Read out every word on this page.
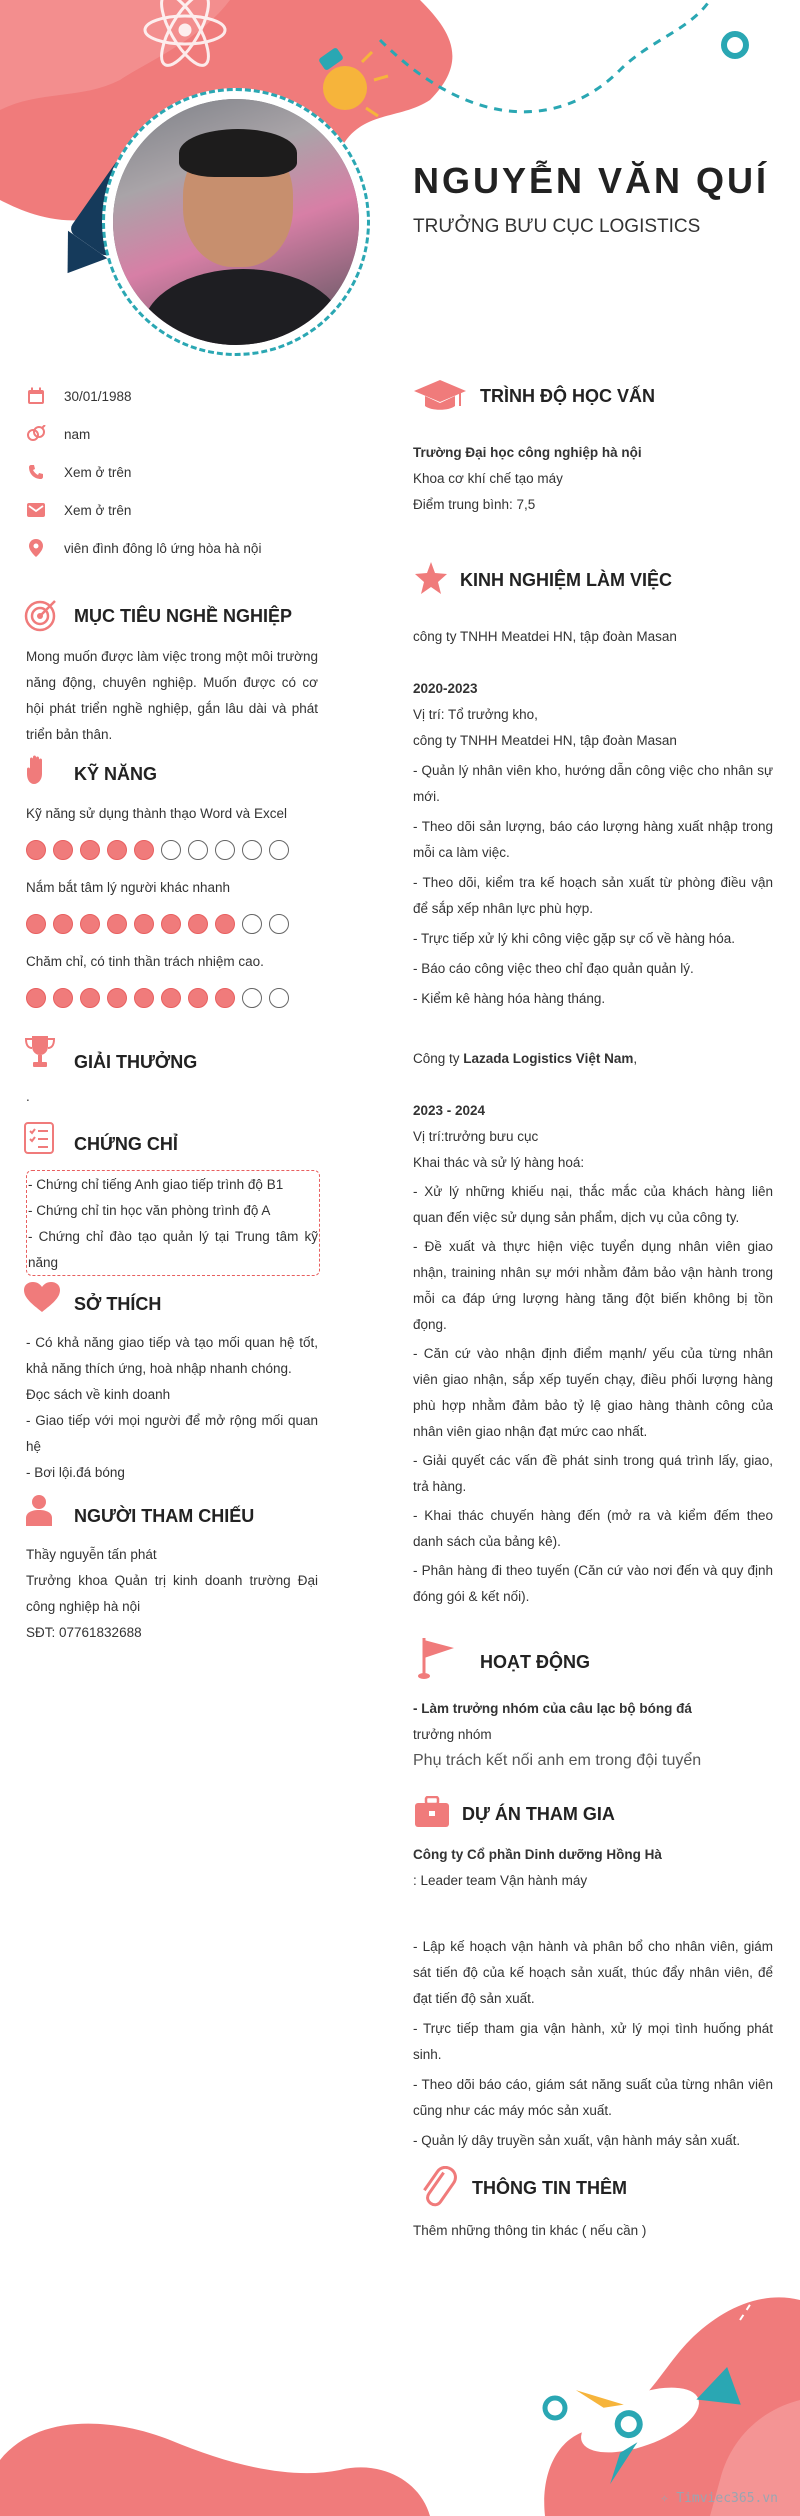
NGUYỄN VĂN QUÍ
TRƯỞNG BƯU CỤC LOGISTICS
30/01/1988
nam
Xem ở trên
Xem ở trên
viên đình đông lô ứng hòa hà nội
MỤC TIÊU NGHỀ NGHIỆP
Mong muốn được làm việc trong một môi trường năng động, chuyên nghiệp. Muốn được có cơ hội phát triển nghề nghiệp, gắn lâu dài và phát triển bản thân.
KỸ NĂNG
Kỹ năng sử dụng thành thạo Word và Excel
Nắm bắt tâm lý người khác nhanh
Chăm chỉ, có tinh thần trách nhiệm cao.
GIẢI THƯỞNG
.
CHỨNG CHỈ

- Chứng chỉ tiếng Anh giao tiếp trình độ B1

- Chứng chỉ tin học văn phòng trình độ A

- Chứng chỉ đào tạo quản lý tại Trung tâm kỹ năng

SỞ THÍCH

- Có khả năng giao tiếp và tạo mối quan hệ tốt, khả năng thích ứng, hoà nhập nhanh chóng.

Đọc sách về kinh doanh

- Giao tiếp với mọi người để mở rộng mối quan hệ

- Bơi lội.đá bóng

NGƯỜI THAM CHIẾU

Thầy nguyễn tấn phát

Trưởng khoa Quản trị kinh doanh trường Đại công nghiệp hà nội

SĐT: 07761832688

TRÌNH ĐỘ HỌC VẤN

Trường Đại học công nghiệp hà nội

Khoa cơ khí chế tạo máy

Điểm trung bình: 7,5

KINH NGHIỆM LÀM VIỆC
công ty TNHH Meatdei HN, tập đoàn Masan

2020-2023

Vị trí: Tổ trưởng kho,

công ty TNHH Meatdei HN, tập đoàn Masan

- Quản lý nhân viên kho, hướng dẫn công việc cho nhân sự mới.

- Theo dõi sản lượng, báo cáo lượng hàng xuất nhập trong mỗi ca làm việc.

- Theo dõi, kiểm tra kế hoạch sản xuất từ phòng điều vận để sắp xếp nhân lực phù hợp.

- Trực tiếp xử lý khi công việc gặp sự cố về hàng hóa.

- Báo cáo công việc theo chỉ đạo quản quản lý.

- Kiểm kê hàng hóa hàng tháng.

Công ty Lazada Logistics Việt Nam,

2023 - 2024

Vị trí:trưởng bưu cục

Khai thác và sử lý hàng hoá:

- Xử lý những khiếu nại, thắc mắc của khách hàng liên quan đến việc sử dụng sản phẩm, dịch vụ của công ty.

- Đề xuất và thực hiện việc tuyển dụng nhân viên giao nhận, training nhân sự mới nhằm đảm bảo vận hành trong mỗi ca đáp ứng lượng hàng tăng đột biến không bị tồn đọng.

- Căn cứ vào nhận định điểm mạnh/ yếu của từng nhân viên giao nhận, sắp xếp tuyến chạy, điều phối lượng hàng phù hợp nhằm đảm bảo tỷ lệ giao hàng thành công của nhân viên giao nhận đạt mức cao nhất.

- Giải quyết các vấn đề phát sinh trong quá trình lấy, giao, trả hàng.

- Khai thác chuyến hàng đến (mở ra và kiểm đếm theo danh sách của bảng kê).

- Phân hàng đi theo tuyến (Căn cứ vào nơi đến và quy định đóng gói & kết nối).

HOẠT ĐỘNG

- Làm trưởng nhóm của câu lạc bộ bóng đá

trưởng nhóm

Phụ trách kết nối anh em trong đội tuyển

DỰ ÁN THAM GIA

Công ty Cổ phần Dinh dưỡng Hồng Hà

: Leader team Vận hành máy

- Lập kế hoạch vận hành và phân bổ cho nhân viên, giám sát tiến độ của kế hoạch sản xuất, thúc đẩy nhân viên, để đạt tiến độ sản xuất.

- Trực tiếp tham gia vận hành, xử lý mọi tình huống phát sinh.

- Theo dõi báo cáo, giám sát năng suất của từng nhân viên cũng như các máy móc sản xuất.

- Quản lý dây truyền sản xuất, vận hành máy sản xuất.

THÔNG TIN THÊM
Thêm những thông tin khác ( nếu cần )
✧ Timviec365.vn
